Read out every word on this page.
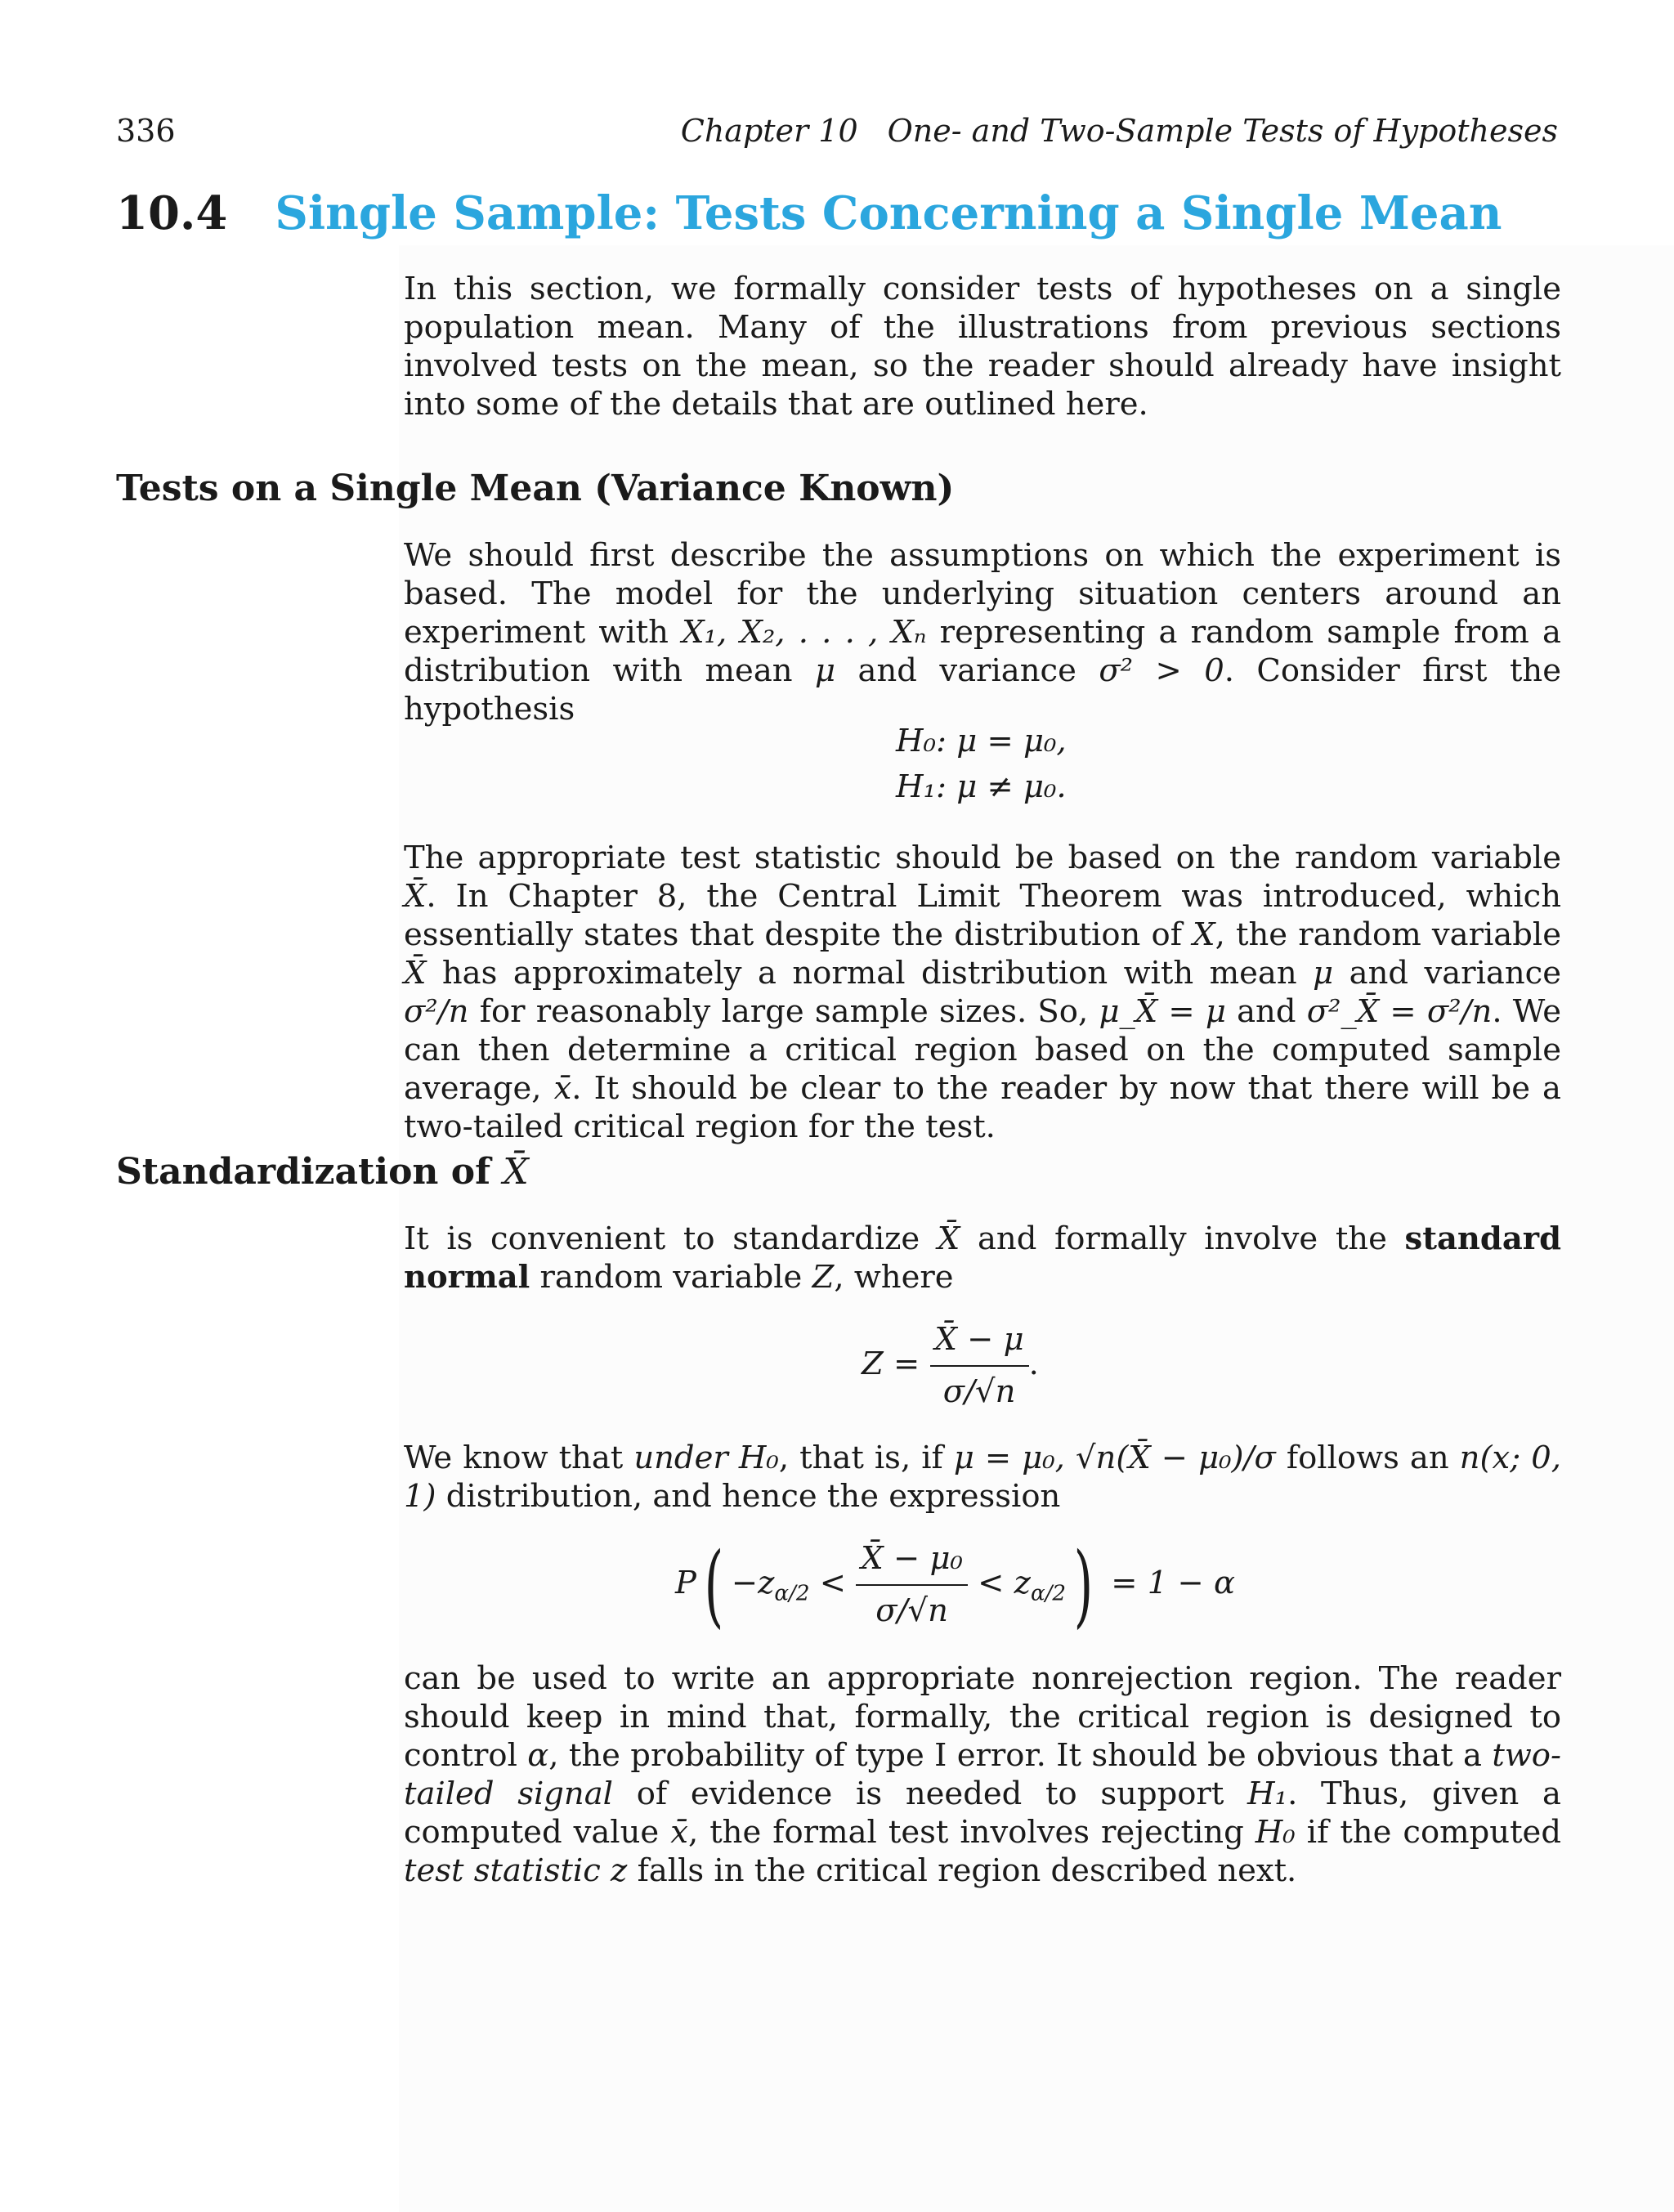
336	Chapter 10 One- and Two-Sample Tests of Hypotheses
10.4 Single Sample: Tests Concerning a Single Mean

In this section, we formally consider tests of hypotheses on a single population mean. Many of the illustrations from previous sections involved tests on the mean, so the reader should already have insight into some of the details that are outlined here.

Tests on a Single Mean (Variance Known)

We should first describe the assumptions on which the experiment is based. The model for the underlying situation centers around an experiment with X₁, X₂, . . . , Xₙ representing a random sample from a distribution with mean μ and variance σ² > 0. Consider first the hypothesis

H₀: μ = μ₀,
H₁: μ ≠ μ₀.

The appropriate test statistic should be based on the random variable X̄. In Chapter 8, the Central Limit Theorem was introduced, which essentially states that despite the distribution of X, the random variable X̄ has approximately a normal distribution with mean μ and variance σ²/n for reasonably large sample sizes. So, μ_X̄ = μ and σ²_X̄ = σ²/n. We can then determine a critical region based on the computed sample average, x̄. It should be clear to the reader by now that there will be a two-tailed critical region for the test.

Standardization of X̄

It is convenient to standardize X̄ and formally involve the standard normal random variable Z, where

$Z = \frac{X̄ - \mu}{\sigma/√n}$ .

We know that under H₀, that is, if μ = μ₀, √n(X̄ − μ₀)/σ follows an n(x; 0, 1) distribution, and hence the expression

$P( -z_{\alpha/2} < \frac{\text{X̄ − μ₀}}{\sigma/√n} < z_{\alpha/2}) = 1 - \alpha$

can be used to write an appropriate nonrejection region. The reader should keep in mind that, formally, the critical region is designed to control α, the probability of type I error. It should be obvious that a two-tailed signal of evidence is needed to support H₁. Thus, given a computed value x̄, the formal test involves rejecting H₀ if the computed test statistic z falls in the critical region described next.
